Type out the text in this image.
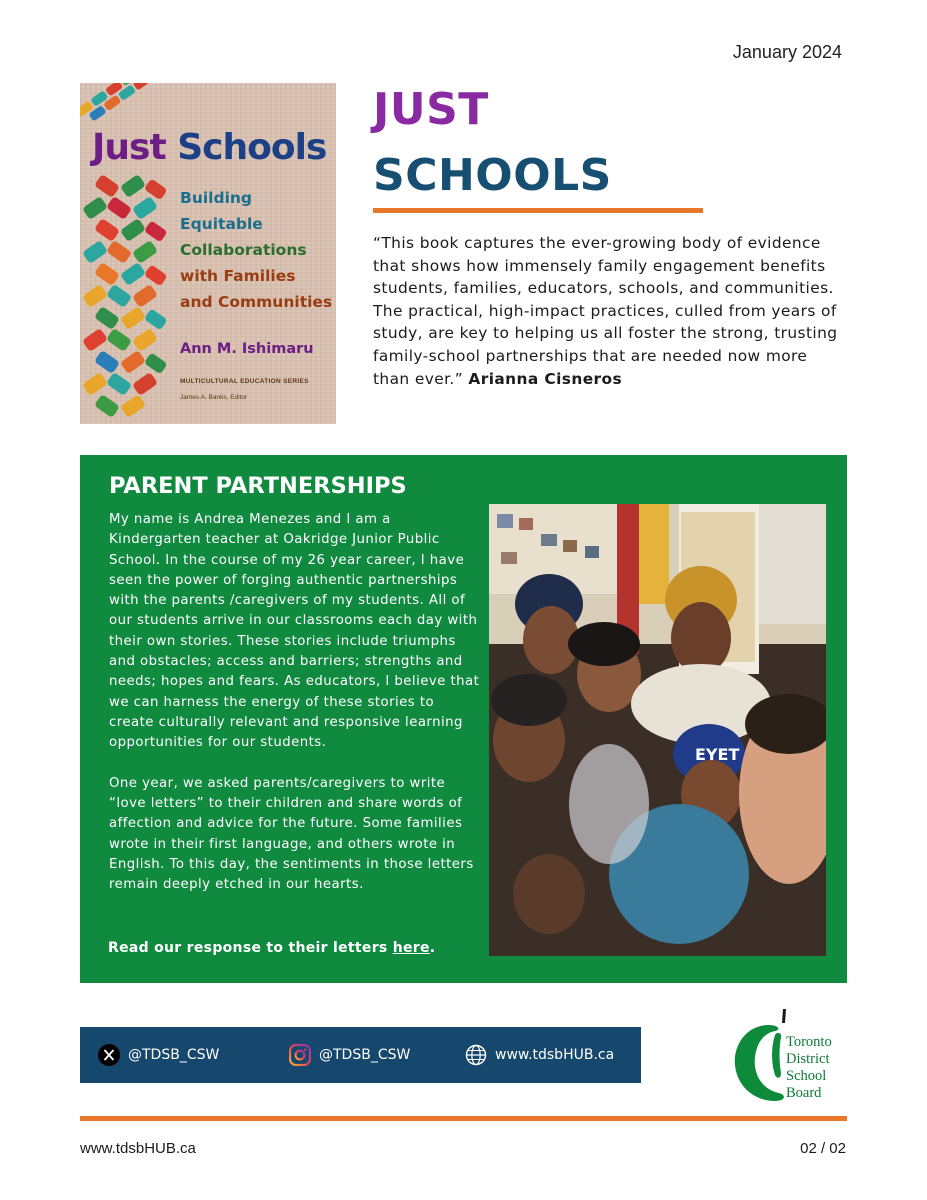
January 2024
Just Schools
Building
Equitable
Collaborations
with Families
and Communities
Ann M. Ishimaru
MULTICULTURAL EDUCATION SERIES
James A. Banks, Editor
JUST
SCHOOLS
“This book captures the ever-growing body of evidence that shows how immensely family engagement benefits students, families, educators, schools, and communities. The practical, high-impact practices, culled from years of study, are key to helping us all foster the strong, trusting family-school partnerships that are needed now more than ever.” Arianna Cisneros
PARENT PARTNERSHIPS

My name is Andrea Menezes and I am a Kindergarten teacher at Oakridge Junior Public School. In the course of my 26 year career, I have seen the power of forging authentic partnerships with the parents /caregivers of my students. All of our students arrive in our classrooms each day with their own stories. These stories include triumphs and obstacles; access and barriers; strengths and needs; hopes and fears. As educators, I believe that we can harness the energy of these stories to create culturally relevant and responsive learning opportunities for our students.

One year, we asked parents/caregivers to write “love letters” to their children and share words of affection and advice for the future. Some families wrote in their first language, and others wrote in English. To this day, the sentiments in those letters remain deeply etched in our hearts.

Read our response to their letters here.
EYET
@TDSB_CSW	@TDSB_CSW	www.tdsbHUB.ca
Toronto
District
School
Board
www.tdsbHUB.ca	02 / 02
